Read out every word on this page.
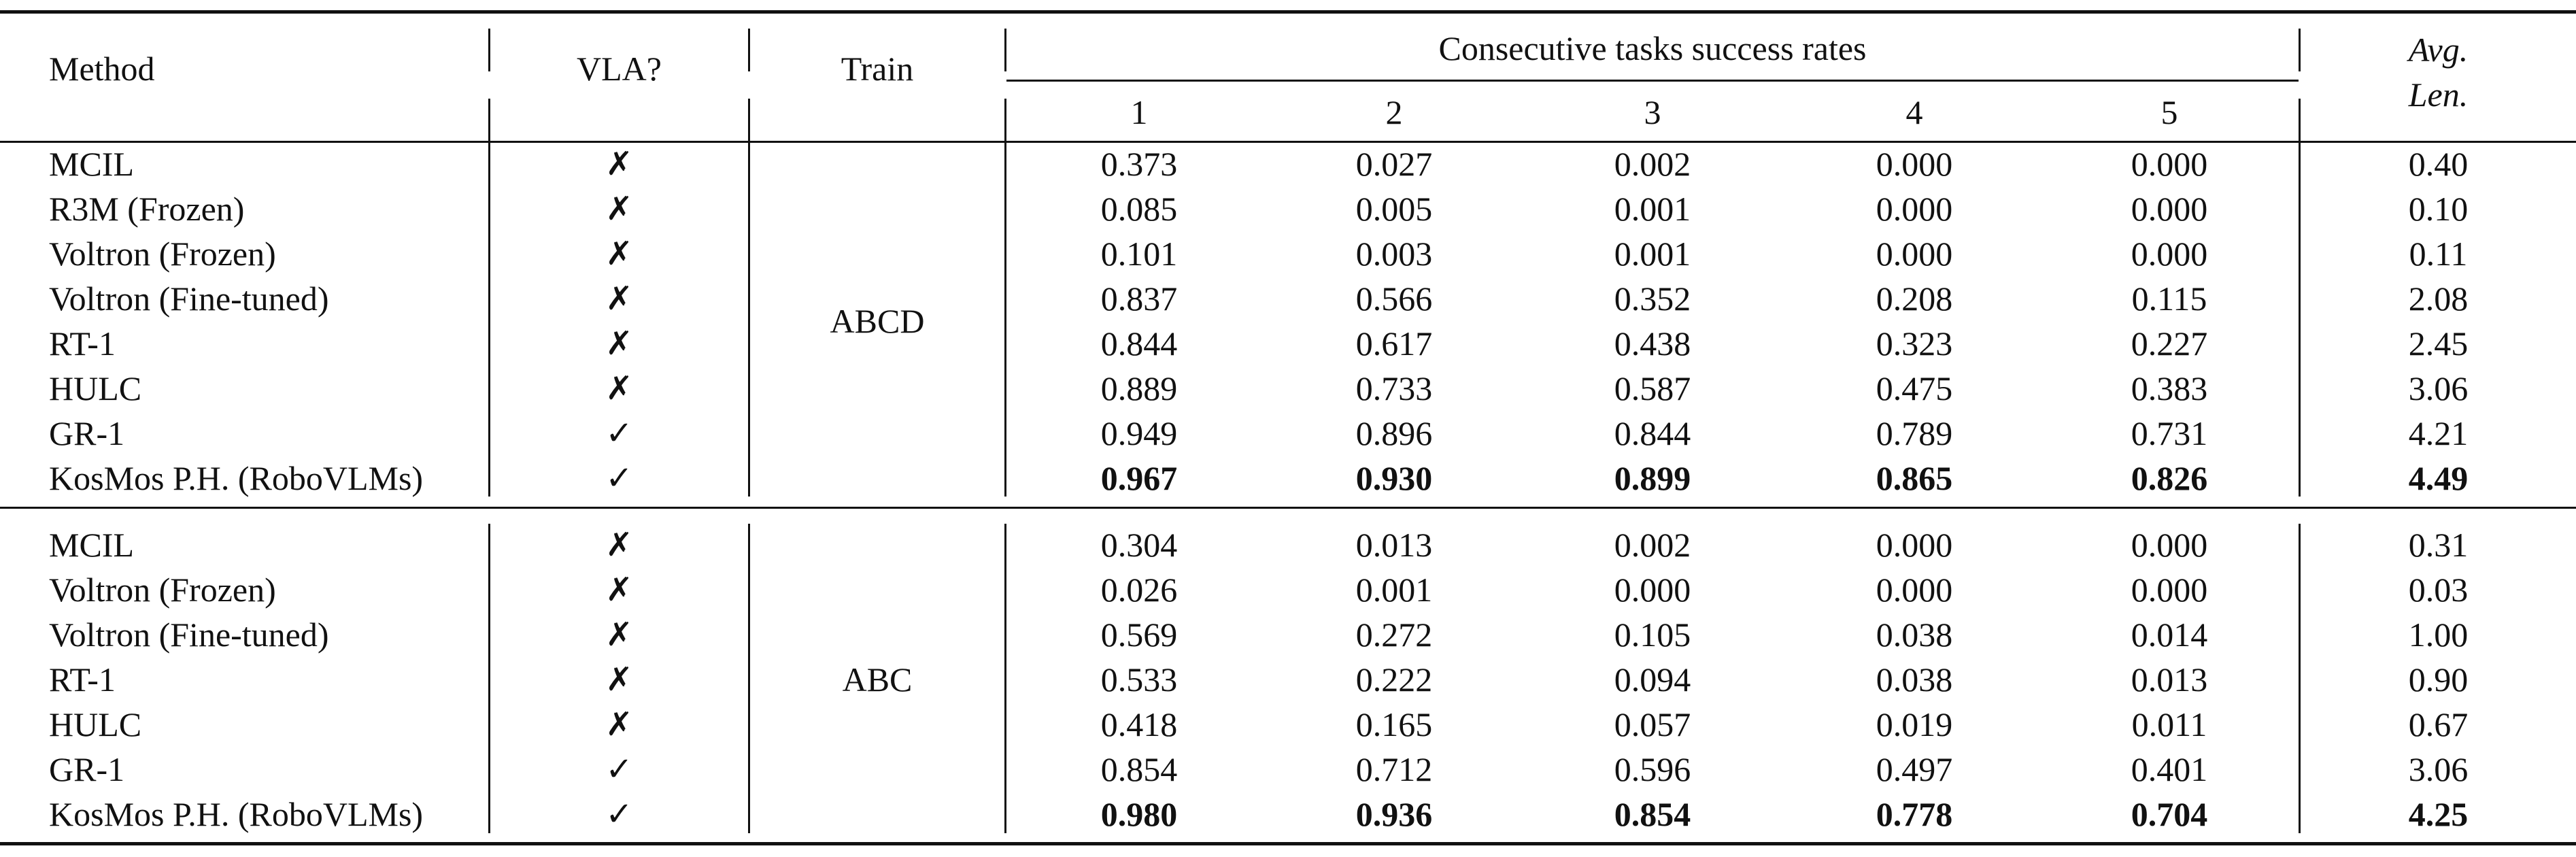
Method	VLA?	Train
Consecutive tasks success rates	Avg.
Len.
1	2	3	4	5
ABCD
MCIL	✗	0.373	0.027	0.002	0.000	0.000	0.40
R3M (Frozen)	✗	0.085	0.005	0.001	0.000	0.000	0.10
Voltron (Frozen)	✗	0.101	0.003	0.001	0.000	0.000	0.11
Voltron (Fine-tuned)	✗	0.837	0.566	0.352	0.208	0.115	2.08
RT-1	✗	0.844	0.617	0.438	0.323	0.227	2.45
HULC	✗	0.889	0.733	0.587	0.475	0.383	3.06
GR-1	✓	0.949	0.896	0.844	0.789	0.731	4.21
KosMos P.H. (RoboVLMs)	✓	0.967	0.930	0.899	0.865	0.826	4.49
ABC
MCIL	✗	0.304	0.013	0.002	0.000	0.000	0.31
Voltron (Frozen)	✗	0.026	0.001	0.000	0.000	0.000	0.03
Voltron (Fine-tuned)	✗	0.569	0.272	0.105	0.038	0.014	1.00
RT-1	✗	0.533	0.222	0.094	0.038	0.013	0.90
HULC	✗	0.418	0.165	0.057	0.019	0.011	0.67
GR-1	✓	0.854	0.712	0.596	0.497	0.401	3.06
KosMos P.H. (RoboVLMs)	✓	0.980	0.936	0.854	0.778	0.704	4.25
